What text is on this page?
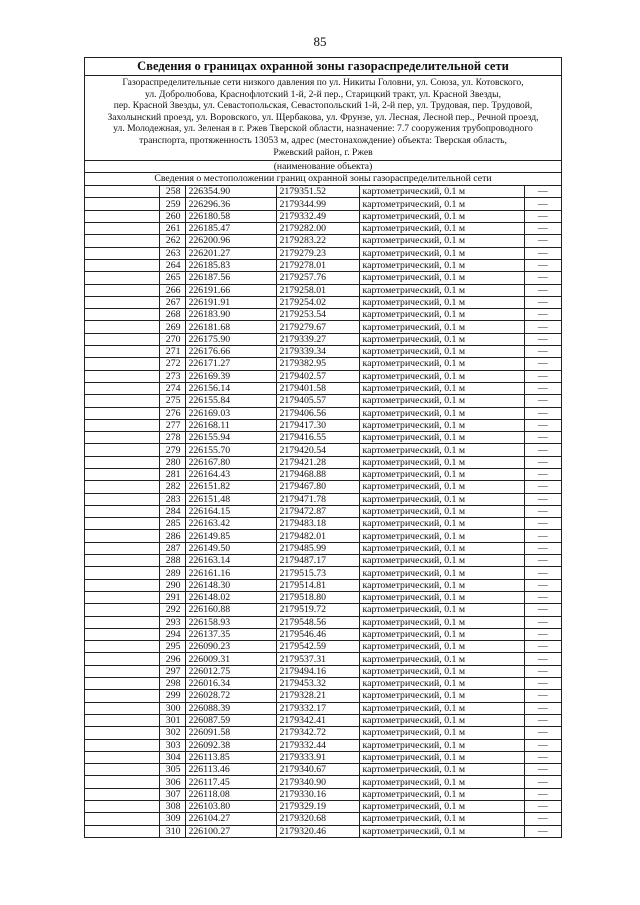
85
Сведения о границах охранной зоны газораспределительной сети
Газораспределительные сети низкого давления по ул. Никиты Головни, ул. Союза, ул. Котовского,
ул. Добролюбова, Краснофлотский 1-й, 2-й пер., Старицкий тракт, ул. Красной Звезды,
пер. Красной Звезды, ул. Севастопольская, Севастопольский 1-й, 2-й пер, ул. Трудовая, пер. Трудовой,
Захолынский проезд, ул. Воровского, ул. Щербакова, ул. Фрунзе, ул. Лесная, Лесной пер., Речной проезд,
ул. Молодежная, ул. Зеленая в г. Ржев Тверской области, назначение: 7.7 сооружения трубопроводного
транспорта, протяженность 13053 м, адрес (местонахождение) объекта: Тверская область,
Ржевский район, г. Ржев
(наименование объекта)
Сведения о местоположении границ охранной зоны газораспределительной сети
	258	226354.90	2179351.52	картометрический, 0.1 м	—
	259	226296.36	2179344.99	картометрический, 0.1 м	—
	260	226180.58	2179332.49	картометрический, 0.1 м	—
	261	226185.47	2179282.00	картометрический, 0.1 м	—
	262	226200.96	2179283.22	картометрический, 0.1 м	—
	263	226201.27	2179279.23	картометрический, 0.1 м	—
	264	226185.83	2179278.01	картометрический, 0.1 м	—
	265	226187.56	2179257.76	картометрический, 0.1 м	—
	266	226191.66	2179258.01	картометрический, 0.1 м	—
	267	226191.91	2179254.02	картометрический, 0.1 м	—
	268	226183.90	2179253.54	картометрический, 0.1 м	—
	269	226181.68	2179279.67	картометрический, 0.1 м	—
	270	226175.90	2179339.27	картометрический, 0.1 м	—
	271	226176.66	2179339.34	картометрический, 0.1 м	—
	272	226171.27	2179382.95	картометрический, 0.1 м	—
	273	226169.39	2179402.57	картометрический, 0.1 м	—
	274	226156.14	2179401.58	картометрический, 0.1 м	—
	275	226155.84	2179405.57	картометрический, 0.1 м	—
	276	226169.03	2179406.56	картометрический, 0.1 м	—
	277	226168.11	2179417.30	картометрический, 0.1 м	—
	278	226155.94	2179416.55	картометрический, 0.1 м	—
	279	226155.70	2179420.54	картометрический, 0.1 м	—
	280	226167.80	2179421.28	картометрический, 0.1 м	—
	281	226164.43	2179468.88	картометрический, 0.1 м	—
	282	226151.82	2179467.80	картометрический, 0.1 м	—
	283	226151.48	2179471.78	картометрический, 0.1 м	—
	284	226164.15	2179472.87	картометрический, 0.1 м	—
	285	226163.42	2179483.18	картометрический, 0.1 м	—
	286	226149.85	2179482.01	картометрический, 0.1 м	—
	287	226149.50	2179485.99	картометрический, 0.1 м	—
	288	226163.14	2179487.17	картометрический, 0.1 м	—
	289	226161.16	2179515.73	картометрический, 0.1 м	—
	290	226148.30	2179514.81	картометрический, 0.1 м	—
	291	226148.02	2179518.80	картометрический, 0.1 м	—
	292	226160.88	2179519.72	картометрический, 0.1 м	—
	293	226158.93	2179548.56	картометрический, 0.1 м	—
	294	226137.35	2179546.46	картометрический, 0.1 м	—
	295	226090.23	2179542.59	картометрический, 0.1 м	—
	296	226009.31	2179537.31	картометрический, 0.1 м	—
	297	226012.75	2179494.16	картометрический, 0.1 м	—
	298	226016.34	2179453.32	картометрический, 0.1 м	—
	299	226028.72	2179328.21	картометрический, 0.1 м	—
	300	226088.39	2179332.17	картометрический, 0.1 м	—
	301	226087.59	2179342.41	картометрический, 0.1 м	—
	302	226091.58	2179342.72	картометрический, 0.1 м	—
	303	226092.38	2179332.44	картометрический, 0.1 м	—
	304	226113.85	2179333.91	картометрический, 0.1 м	—
	305	226113.46	2179340.67	картометрический, 0.1 м	—
	306	226117.45	2179340.90	картометрический, 0.1 м	—
	307	226118.08	2179330.16	картометрический, 0.1 м	—
	308	226103.80	2179329.19	картометрический, 0.1 м	—
	309	226104.27	2179320.68	картометрический, 0.1 м	—
	310	226100.27	2179320.46	картометрический, 0.1 м	—
